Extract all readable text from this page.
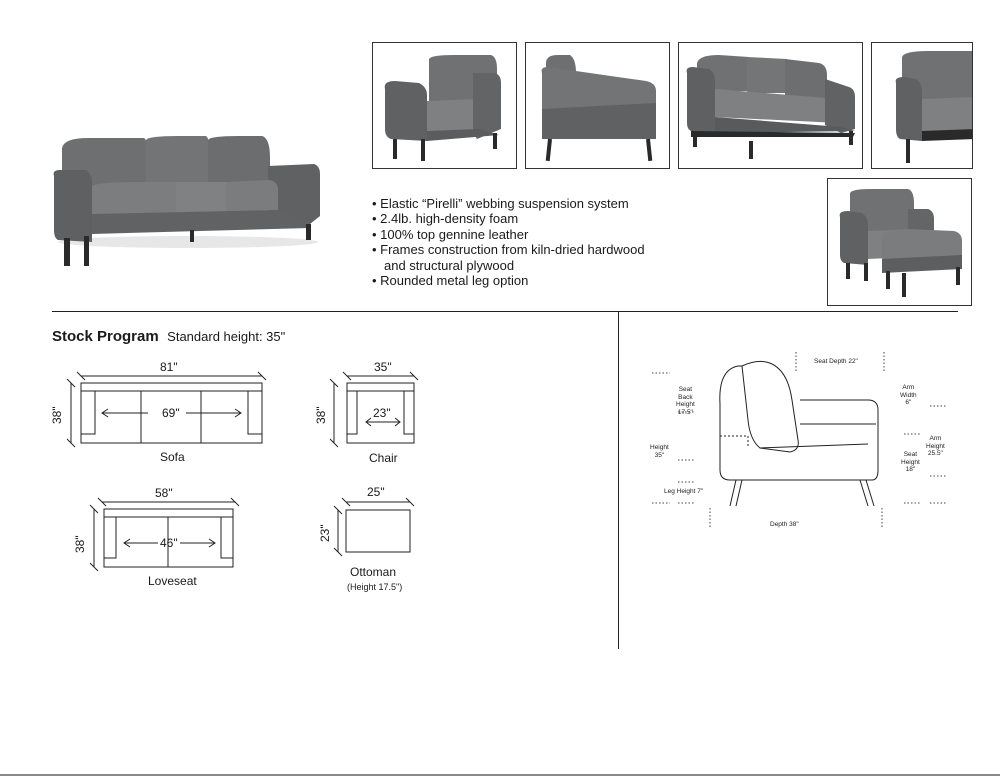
• Elastic “Pirelli” webbing suspension system
• 2.4lb. high-density foam
• 100% top gennine leather
• Frames construction from kiln-dried hardwood
and structural plywood
• Rounded metal leg option
Stock Program Standard height: 35"
81"
38"	69"
Sofa
35"
38"	23"
Chair
58"
38"	46"
Loveseat
25"
23"
Ottoman
(Height 17.5")
Seat Depth 22"
Seat
Back
Height
17.5"
Arm
Width
6"
Arm
Height
25.5"
Height
35"	Seat
Height
18"
Leg Height 7"
Depth 38"
